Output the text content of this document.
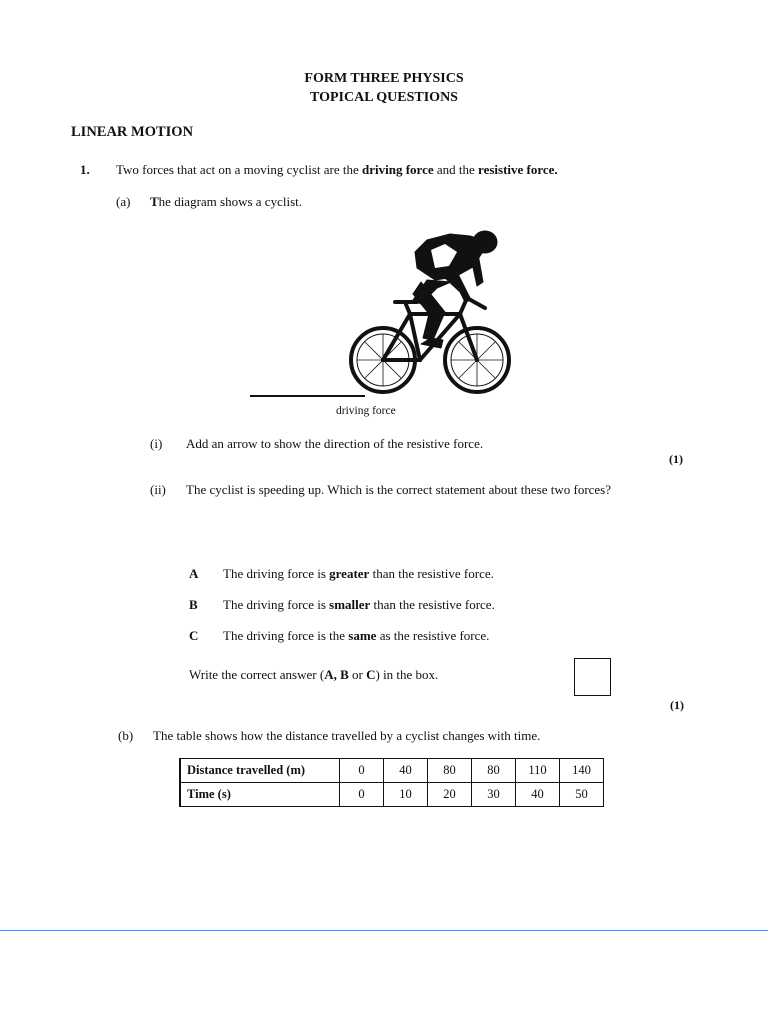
FORM THREE PHYSICS
TOPICAL QUESTIONS
LINEAR MOTION
1. Two forces that act on a moving cyclist are the driving force and the resistive force.
(a) The diagram shows a cyclist.
driving force
(i) Add an arrow to show the direction of the resistive force.
(1)
(ii) The cyclist is speeding up. Which is the correct statement about these two forces?
A The driving force is greater than the resistive force.
B The driving force is smaller than the resistive force.
C The driving force is the same as the resistive force.
Write the correct answer (A, B or C) in the box.
(1)
(b) The table shows how the distance travelled by a cyclist changes with time.
Distance travelled (m)	0	40	80	80	110	140
Time (s)	0	10	20	30	40	50
